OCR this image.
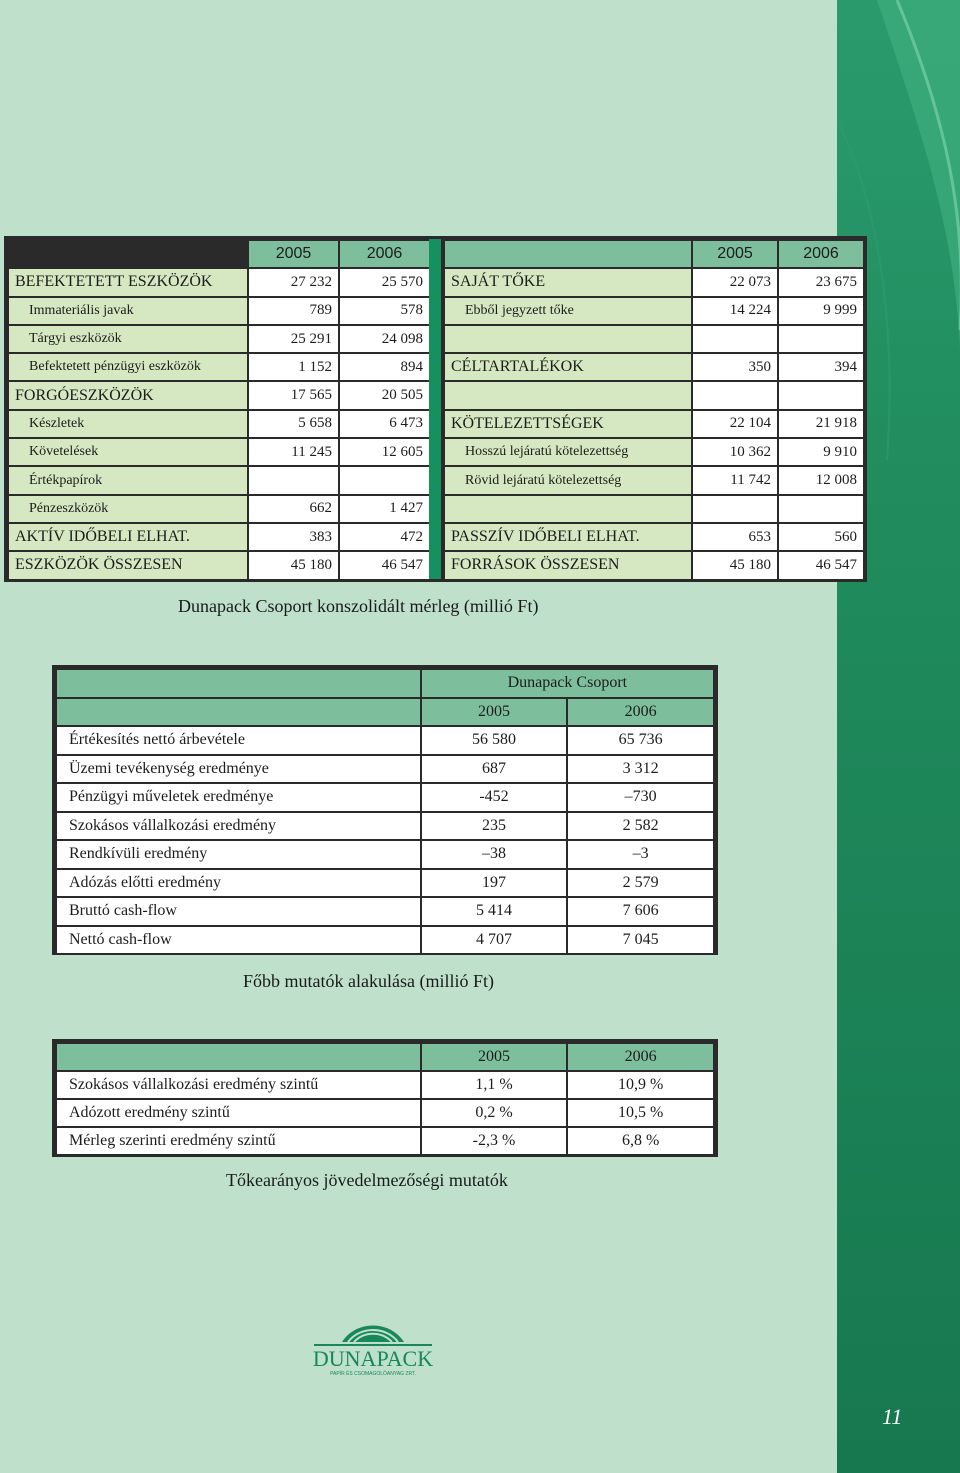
	2005	2006
BEFEKTETETT ESZKÖZÖK	27 232	25 570
Immateriális javak	789	578
Tárgyi eszközök	25 291	24 098
Befektetett pénzügyi eszközök	1 152	894
FORGÓESZKÖZÖK	17 565	20 505
Készletek	5 658	6 473
Követelések	11 245	12 605
Értékpapírok		
Pénzeszközök	662	1 427
AKTÍV IDŐBELI ELHAT.	383	472
ESZKÖZÖK ÖSSZESEN	45 180	46 547
	2005	2006
SAJÁT TŐKE	22 073	23 675
Ebből jegyzett tőke	14 224	9 999

CÉLTARTALÉKOK	350	394

KÖTELEZETTSÉGEK	22 104	21 918
Hosszú lejáratú kötelezettség	10 362	9 910
Rövid lejáratú kötelezettség	11 742	12 008

PASSZÍV IDŐBELI ELHAT.	653	560
FORRÁSOK ÖSSZESEN	45 180	46 547
Dunapack Csoport konszolidált mérleg (millió Ft)
	Dunapack Csoport	
	2005	2006
Értékesítés nettó árbevétele	56 580	65 736
Üzemi tevékenység eredménye	687	3 312
Pénzügyi műveletek eredménye	-452	–730
Szokásos vállalkozási eredmény	235	2 582
Rendkívüli eredmény	–38	–3
Adózás előtti eredmény	197	2 579
Bruttó cash-flow	5 414	7 606
Nettó cash-flow	4 707	7 045
Főbb mutatók alakulása (millió Ft)
	2005	2006
Szokásos vállalkozási eredmény szintű	1,1 %	10,9 %
Adózott eredmény szintű	0,2 %	10,5 %
Mérleg szerinti eredmény szintű	-2,3 %	6,8 %
Tőkearányos jövedelmezőségi mutatók
DUNAPACK
PAPÍR ÉS CSOMAGOLÓANYAG ZRT.
11
